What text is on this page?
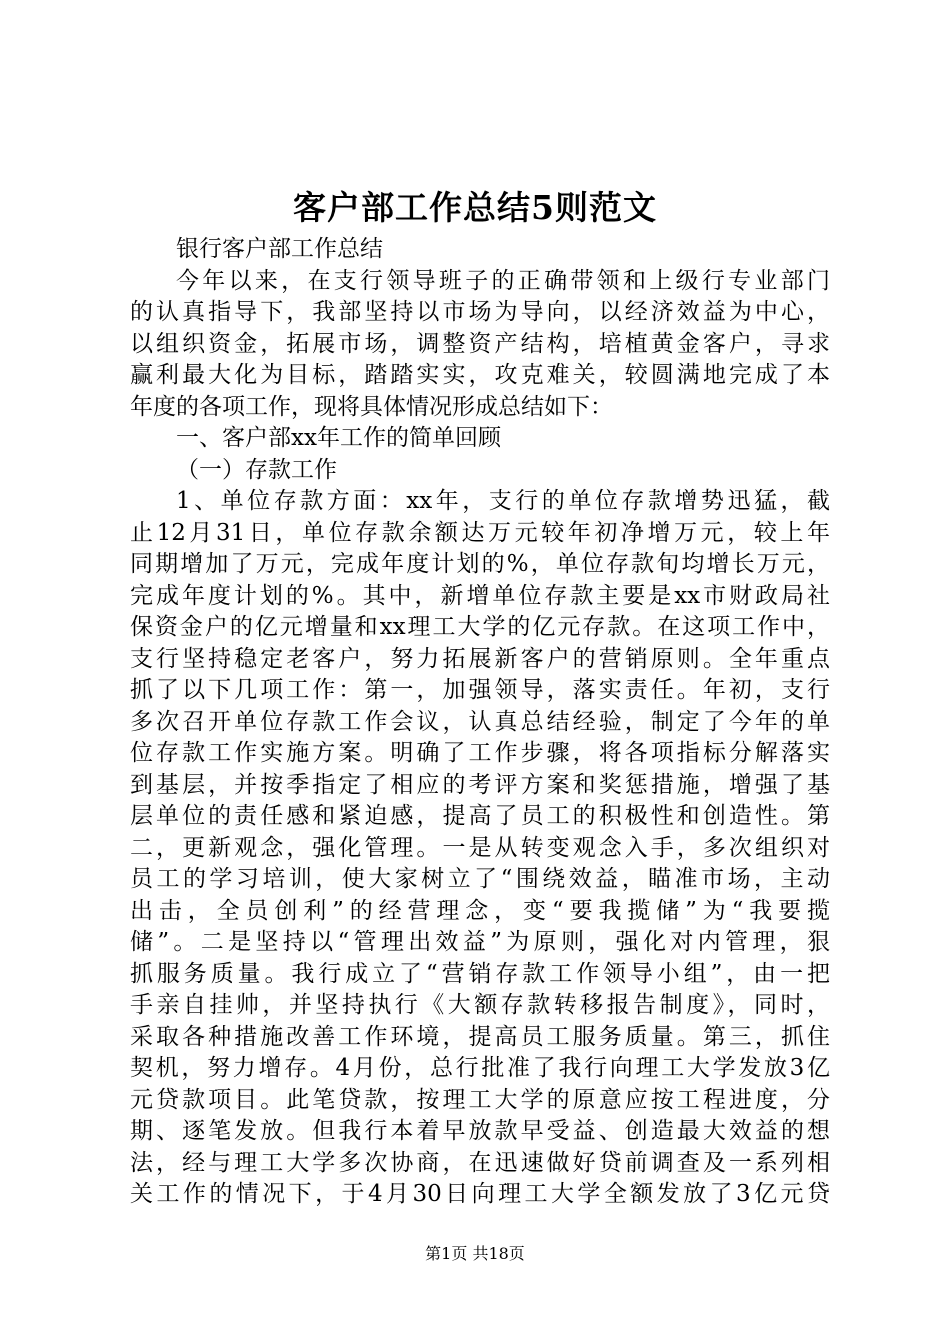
客户部工作总结5则范文
银行客户部工作总结
今年以来，在支行领导班子的正确带领和上级行专业部门
的认真指导下，我部坚持以市场为导向，以经济效益为中心，
以组织资金，拓展市场，调整资产结构，培植黄金客户，寻求
赢利最大化为目标，踏踏实实，攻克难关，较圆满地完成了本
年度的各项工作，现将具体情况形成总结如下：
一、客户部xx年工作的简单回顾
（一）存款工作
1、单位存款方面：xx年，支行的单位存款增势迅猛，截
止12月31日，单位存款余额达万元较年初净增万元，较上年
同期增加了万元，完成年度计划的%，单位存款旬均增长万元，
完成年度计划的%。其中，新增单位存款主要是xx市财政局社
保资金户的亿元增量和xx理工大学的亿元存款。在这项工作中，
支行坚持稳定老客户，努力拓展新客户的营销原则。全年重点
抓了以下几项工作：第一，加强领导，落实责任。年初，支行
多次召开单位存款工作会议，认真总结经验，制定了今年的单
位存款工作实施方案。明确了工作步骤，将各项指标分解落实
到基层，并按季指定了相应的考评方案和奖惩措施，增强了基
层单位的责任感和紧迫感，提高了员工的积极性和创造性。第
二，更新观念，强化管理。一是从转变观念入手，多次组织对
员工的学习培训，使大家树立了“围绕效益，瞄准市场，主动
出击，全员创利”的经营理念，变“要我揽储”为“我要揽
储”。二是坚持以“管理出效益”为原则，强化对内管理，狠
抓服务质量。我行成立了“营销存款工作领导小组”，由一把
手亲自挂帅，并坚持执行《大额存款转移报告制度》，同时，
采取各种措施改善工作环境，提高员工服务质量。第三，抓住
契机，努力增存。4月份，总行批准了我行向理工大学发放3亿
元贷款项目。此笔贷款，按理工大学的原意应按工程进度，分
期、逐笔发放。但我行本着早放款早受益、创造最大效益的想
法，经与理工大学多次协商，在迅速做好贷前调查及一系列相
关工作的情况下，于4月30日向理工大学全额发放了3亿元贷
第1页 共18页
